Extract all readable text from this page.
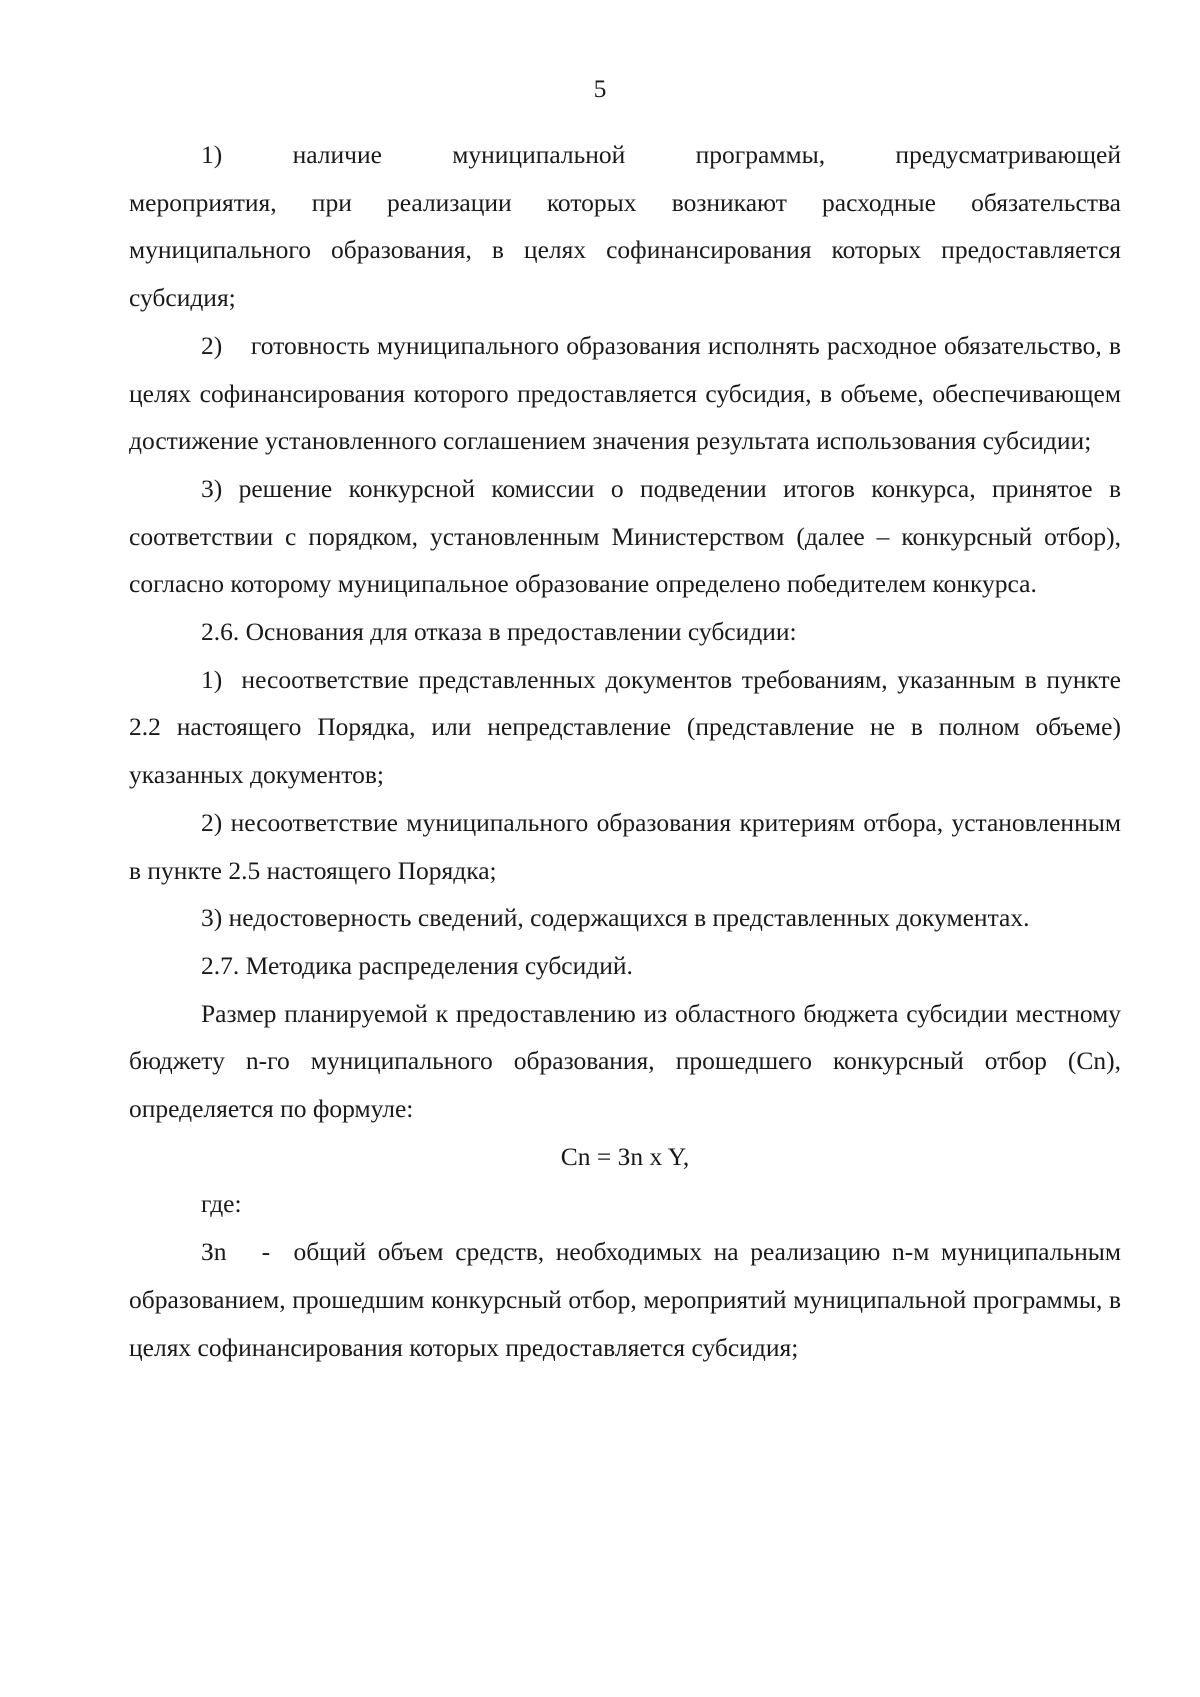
5

1)     наличие     муниципальной     программы,     предусматривающей мероприятия, при реализации которых возникают расходные обязательства муниципального образования, в целях софинансирования которых предоставляется субсидия;

2)    готовность муниципального образования исполнять расходное обязательство, в целях софинансирования которого предоставляется субсидия, в объеме, обеспечивающем достижение установленного соглашением значения результата использования субсидии;

3) решение конкурсной комиссии о подведении итогов конкурса, принятое в соответствии с порядком, установленным Министерством (далее – конкурсный отбор), согласно которому муниципальное образование определено победителем конкурса.

2.6. Основания для отказа в предоставлении субсидии:

1)  несоответствие представленных документов требованиям, указанным в пункте 2.2 настоящего Порядка, или непредставление (представление не в полном объеме) указанных документов;

2) несоответствие муниципального образования критериям отбора, установленным в пункте 2.5 настоящего Порядка;

3) недостоверность сведений, содержащихся в представленных документах.

2.7. Методика распределения субсидий.

Размер планируемой к предоставлению из областного бюджета субсидии местному бюджету n-го муниципального образования, прошедшего конкурсный отбор (Cn), определяется по формуле:

Cn = Зn x Y,

где:

Зn   -  общий объем средств, необходимых на реализацию n-м муниципальным образованием, прошедшим конкурсный отбор, мероприятий муниципальной программы, в целях софинансирования которых предоставляется субсидия;
